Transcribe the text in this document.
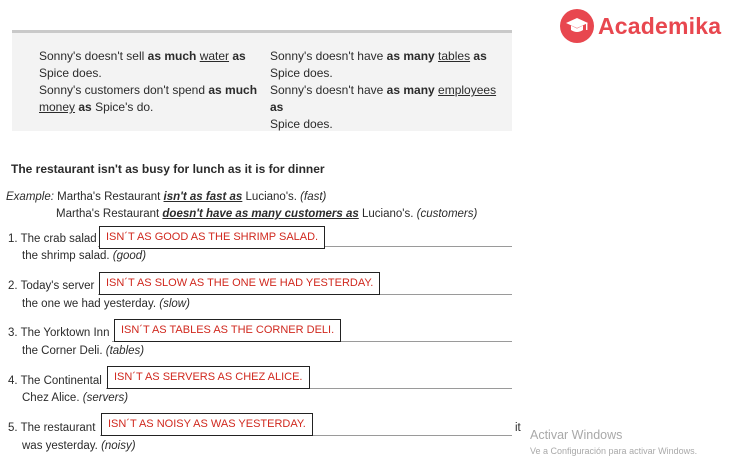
Academika
Sonny's doesn't sell as much water as
Spice does.
Sonny's customers don't spend as much
money as Spice's do.
Sonny's doesn't have as many tables as
Spice does.
Sonny's doesn't have as many employees as
Spice does.
The restaurant isn't as busy for lunch as it is for dinner
Example: Martha's Restaurant isn't as fast as Luciano's. (fast)
Martha's Restaurant doesn't have as many customers as Luciano's. (customers)
1. The crab salad ISN´T AS GOOD AS THE SHRIMP SALAD.
the shrimp salad. (good)
2. Today's server	ISN´T AS SLOW AS THE ONE WE HAD YESTERDAY.
the one we had yesterday. (slow)
3. The Yorktown Inn	ISN´T AS TABLES AS THE CORNER DELI.
the Corner Deli. (tables)
4. The Continental	ISN´T AS SERVERS AS CHEZ ALICE.
Chez Alice. (servers)
5. The restaurant	ISN´T AS NOISY AS WAS YESTERDAY.	it
was yesterday. (noisy)
Activar Windows
Ve a Configuración para activar Windows.
